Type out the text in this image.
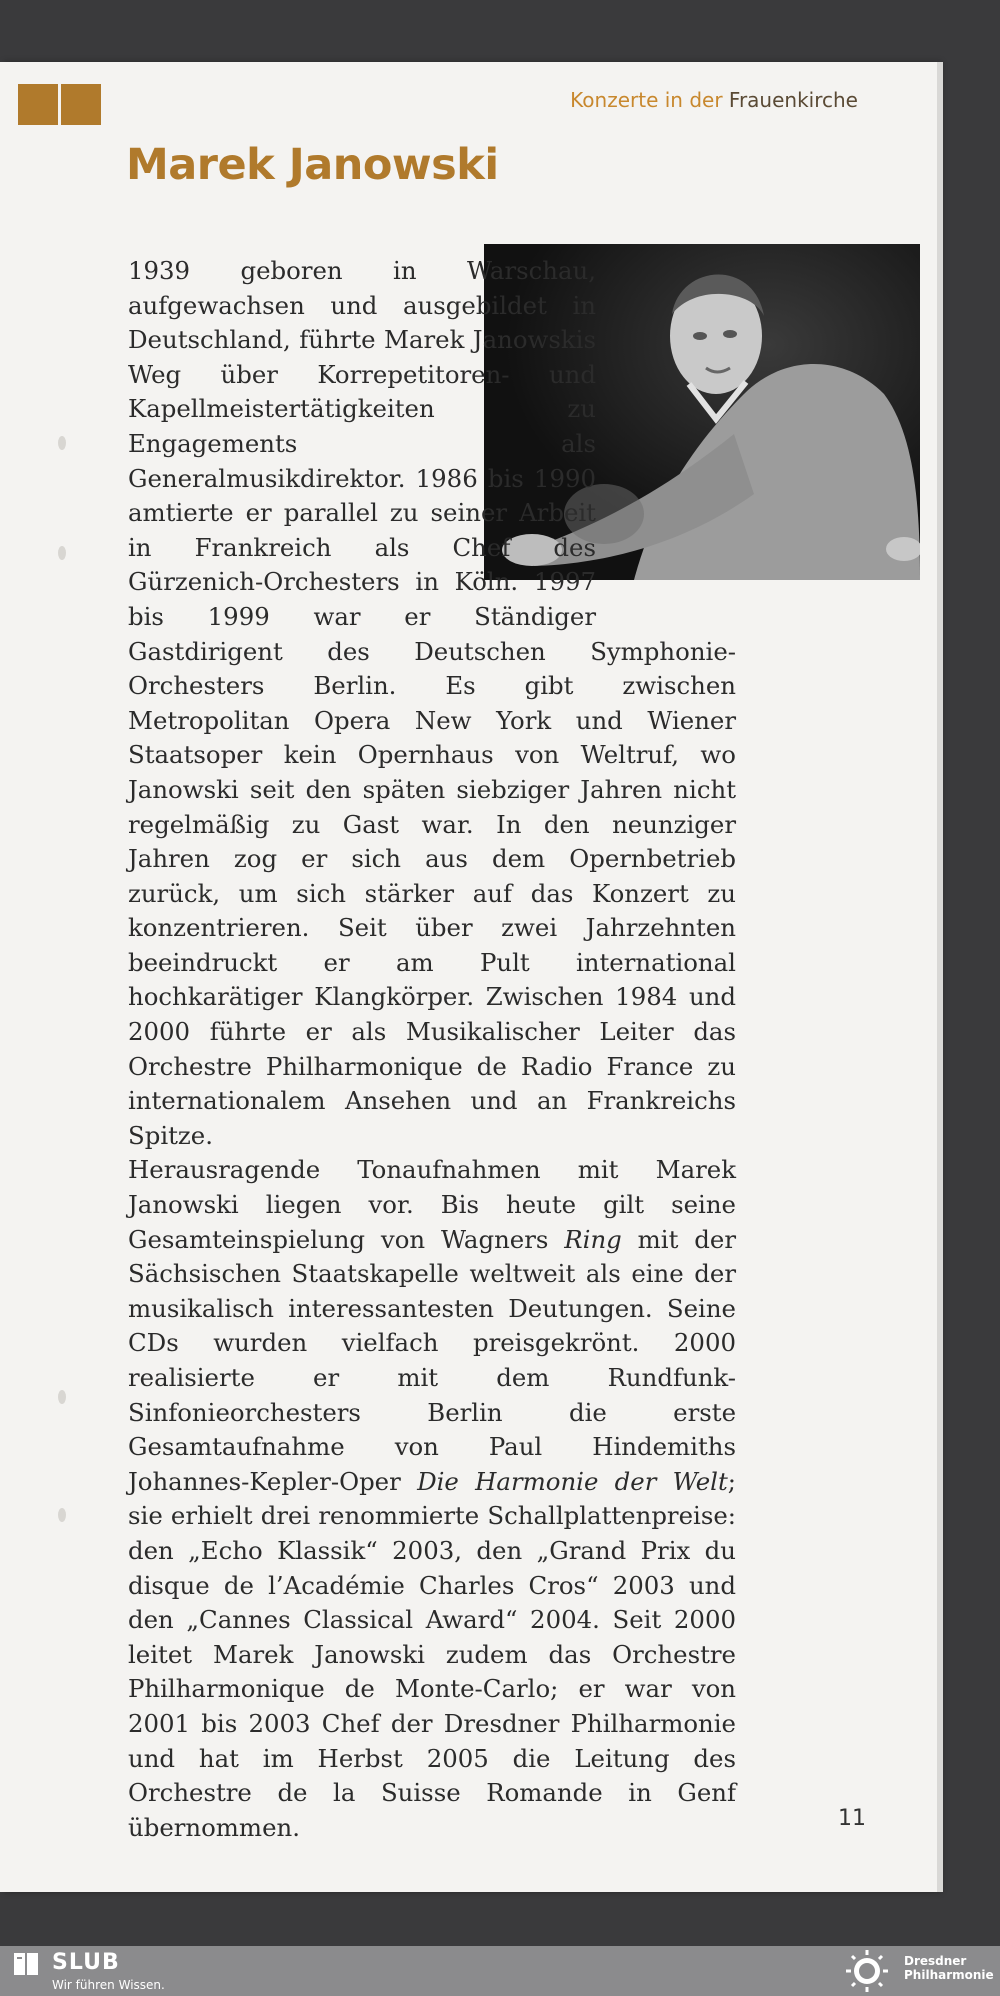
Konzerte in der Frauenkirche
Marek Janowski

1939 geboren in Warschau, aufgewachsen und ausgebildet in Deutschland, führte Marek Janowskis Weg über Korrepetitoren- und Kapellmeistertätigkeiten zu Engagements als Generalmusikdirektor. 1986 bis 1990 amtierte er parallel zu seiner Arbeit in Frankreich als Chef des Gürzenich-Orchesters in Köln. 1997 bis 1999 war er Ständiger Gastdirigent des Deutschen Symphonie-Orchesters Berlin. Es gibt zwischen Metropolitan Opera New York und Wiener Staatsoper kein Opernhaus von Weltruf, wo Janowski seit den späten siebziger Jahren nicht regelmäßig zu Gast war. In den neunziger Jahren zog er sich aus dem Opernbetrieb zurück, um sich stärker auf das Konzert zu konzentrieren. Seit über zwei Jahrzehnten beeindruckt er am Pult international hochkarätiger Klangkörper. Zwischen 1984 und 2000 führte er als Musikalischer Leiter das Orchestre Philharmonique de Radio France zu internationalem Ansehen und an Frankreichs Spitze.

Herausragende Tonaufnahmen mit Marek Janowski liegen vor. Bis heute gilt seine Gesamteinspielung von Wagners Ring mit der Sächsischen Staatskapelle weltweit als eine der musikalisch interessantesten Deutungen. Seine CDs wurden vielfach preisgekrönt. 2000 realisierte er mit dem Rundfunk-Sinfonieorchesters Berlin die erste Gesamtaufnahme von Paul Hindemiths Johannes-Kepler-Oper Die Harmonie der Welt; sie erhielt drei renommierte Schallplattenpreise: den „Echo Klassik“ 2003, den „Grand Prix du disque de l’Académie Charles Cros“ 2003 und den „Cannes Classical Award“ 2004. Seit 2000 leitet Marek Janowski zudem das Orchestre Philharmonique de Monte-Carlo; er war von 2001 bis 2003 Chef der Dresdner Philharmonie und hat im Herbst 2005 die Leitung des Orchestre de la Suisse Romande in Genf übernommen.	11
SLUB
Wir führen Wissen.
Dresdner
Philharmonie
